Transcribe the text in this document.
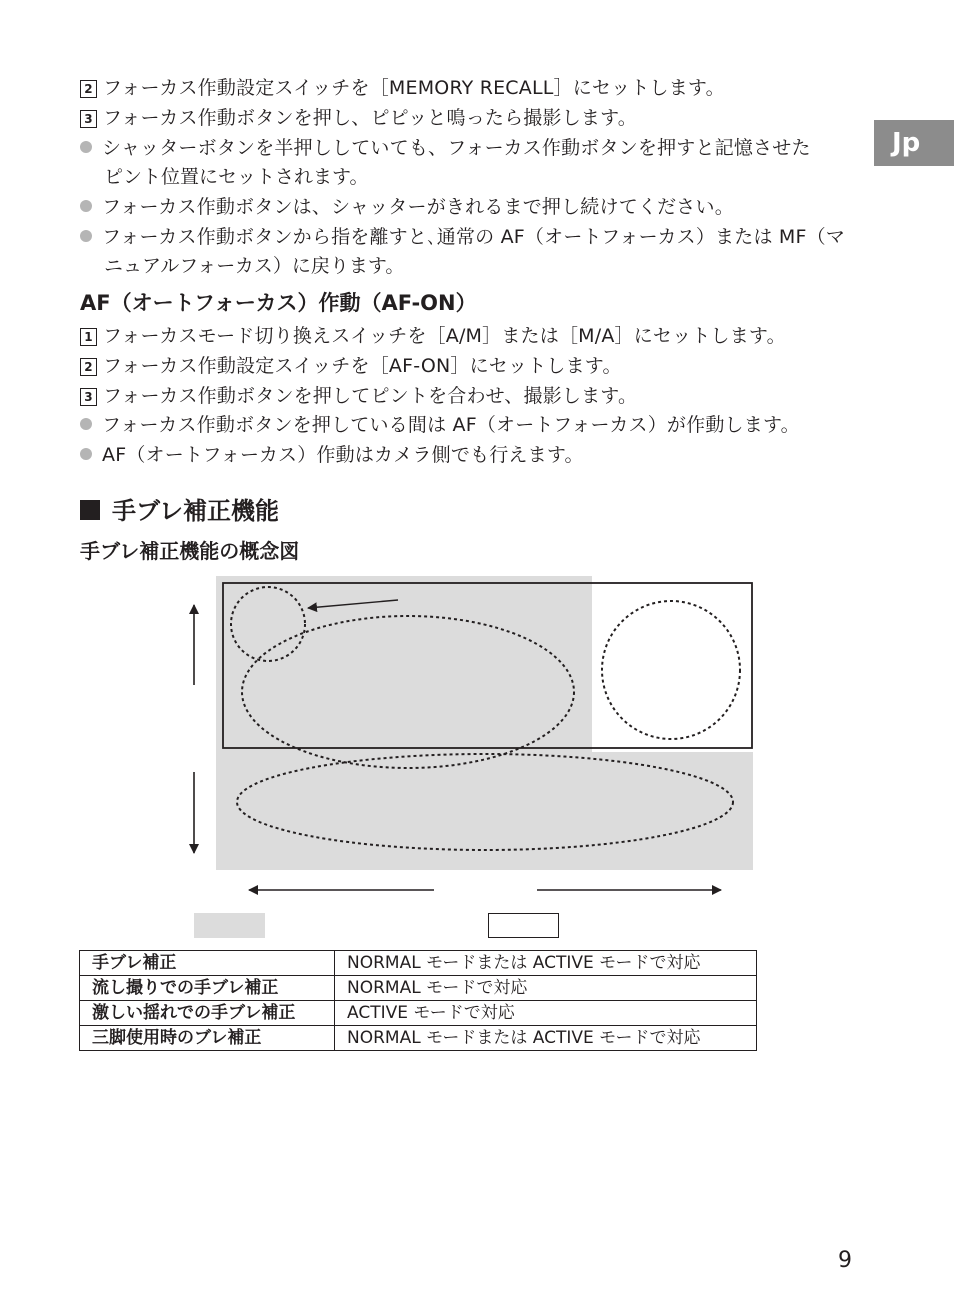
Jp
2 フォーカス作動設定スイッチを［MEMORY RECALL］にセットします。
3 フォーカス作動ボタンを押し、ピピッと鳴ったら撮影します。
シャッターボタンを半押ししていても、フォーカス作動ボタンを押すと記憶させた
ピント位置にセットされます。
フォーカス作動ボタンは、シャッターがきれるまで押し続けてください。
フォーカス作動ボタンから指を離すと､通常の AF（オートフォーカス）または MF（マ
ニュアルフォーカス）に戻ります。
AF（オートフォーカス）作動（AF-ON）
1 フォーカスモード切り換えスイッチを［A/M］または［M/A］にセットします。
2 フォーカス作動設定スイッチを［AF-ON］にセットします。
3 フォーカス作動ボタンを押してピントを合わせ、撮影します。
フォーカス作動ボタンを押している間は AF（オートフォーカス）が作動します。
AF（オートフォーカス）作動はカメラ側でも行えます。
手ブレ補正機能
手ブレ補正機能の概念図
手ブレ補正	NORMAL モードまたは ACTIVE モードで対応
流し撮りでの手ブレ補正	NORMAL モードで対応
激しい揺れでの手ブレ補正	ACTIVE モードで対応
三脚使用時のブレ補正	NORMAL モードまたは ACTIVE モードで対応
9
